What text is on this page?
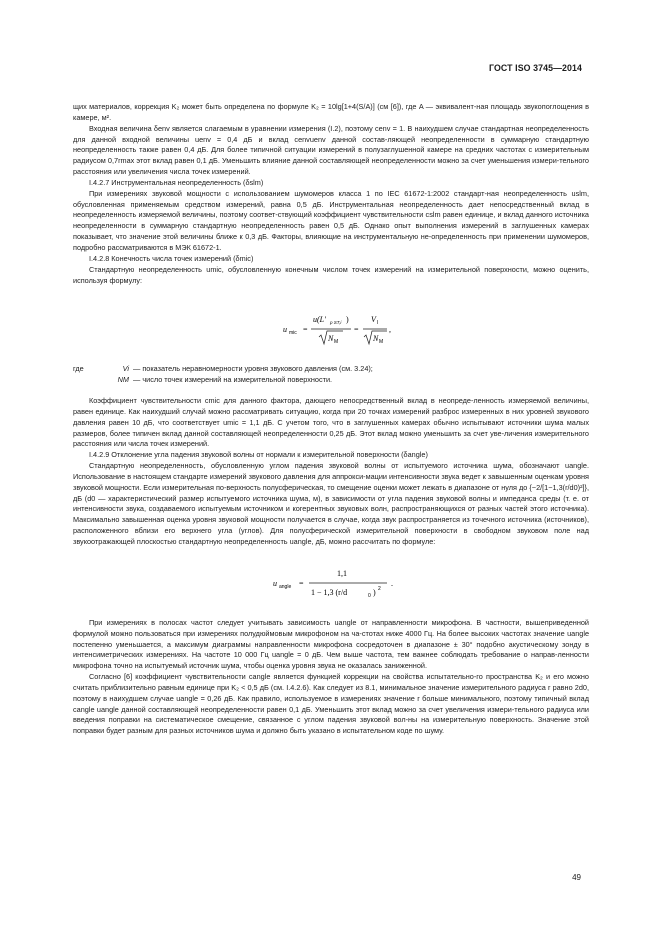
ГОСТ ISO 3745—2014

щих материалов, коррекция K₂ может быть определена по формуле K₂ = 10lg[1+4(S/A)] (см [6]), где A — эквивалент-ная площадь звукопоглощения в камере, м².

Входная величина δenv является слагаемым в уравнении измерения (I.2), поэтому cenv = 1. В наихудшем случае стандартная неопределенность для данной входной величины uenv = 0,4 дБ и вклад cenvuenv данной состав-ляющей неопределенности в суммарную стандартную неопределенность также равен 0,4 дБ. Для более типичной ситуации измерений в полузаглушенной камере на средних частотах с измерительным радиусом 0,7rmax этот вклад равен 0,1 дБ. Уменьшить влияние данной составляющей неопределенности можно за счет уменьшения измери-тельного расстояния или увеличения числа точек измерений.

I.4.2.7 Инструментальная неопределенность (δslm)

При измерениях звуковой мощности с использованием шумомеров класса 1 по IEC 61672-1:2002 стандарт-ная неопределенность uslm, обусловленная применяемым средством измерений, равна 0,5 дБ. Инструментальная неопределенность дает непосредственный вклад в неопределенность измеряемой величины, поэтому соответ-ствующий коэффициент чувствительности cslm равен единице, и вклад данного источника неопределенности в суммарную стандартную неопределенность равен 0,5 дБ. Однако опыт выполнения измерений в заглушенных камерах показывает, что значение этой величины ближе к 0,3 дБ. Факторы, влияющие на инструментальную не-определенность при применении шумомеров, подробно рассматриваются в МЭК 61672-1.

I.4.2.8 Конечность числа точек измерений (δmic)

Стандартную неопределенность umic, обусловленную конечным числом точек измерений на измерительной поверхности, можно оценить, используя формулу:

u mic =
u(L′ p ST,i )
N M
=
V I
N M
,
где	Vi — показатель неравномерности уровня звукового давления (см. 3.24);
NM — число точек измерений на измерительной поверхности.

Коэффициент чувствительности cmic для данного фактора, дающего непосредственный вклад в неопреде-ленность измеряемой величины, равен единице. Как наихудший случай можно рассматривать ситуацию, когда при 20 точках измерений разброс измеренных в них уровней звукового давления равен 10 дБ, что соответствует umic = 1,1 дБ. С учетом того, что в заглушенных камерах обычно испытывают источники шума малых размеров, более типичен вклад данной составляющей неопределенности 0,25 дБ. Этот вклад можно уменьшить за счет уве-личения измерительного расстояния или числа точек измерений.

I.4.2.9 Отклонение угла падения звуковой волны от нормали к измерительной поверхности (δangle)

Стандартную неопределенность, обусловленную углом падения звуковой волны от испытуемого источника шума, обозначают uangle. Использование в настоящем стандарте измерений звукового давления для аппрокси-мации интенсивности звука ведет к завышенным оценкам уровня звуковой мощности. Если измерительная по-верхность полусферическая, то смещение оценки может лежать в диапазоне от нуля до {−2/[1−1,3(r/d0)²]}, дБ (d0 — характеристический размер испытуемого источника шума, м), в зависимости от угла падения звуковой волны и импеданса среды (т. е. от интенсивности звука, создаваемого испытуемым источником и когерентных звуковых волн, распространяющихся от разных частей этого источника). Максимально завышенная оценка уровня звуковой мощности получается в случае, когда звук распространяется из точечного источника (источников), расположенного вблизи его верхнего угла (углов). Для полусферической измерительной поверхности в свободном звуковом поле над звукоотражающей плоскостью стандартную неопределенность uangle, дБ, можно рассчитать по формуле:

u angle =
1,1
1 − 1,3 (r/d	0 ) 2
.

При измерениях в полосах частот следует учитывать зависимость uangle от направленности микрофона. В частности, вышеприведенной формулой можно пользоваться при измерениях полудюймовым микрофоном на ча-стотах ниже 4000 Гц. На более высоких частотах значение uangle постепенно уменьшается, а максимум диаграммы направленности микрофона сосредоточен в диапазоне ± 30° подобно акустическому зонду в интенсиметрических измерениях. На частоте 10 000 Гц uangle = 0 дБ. Чем выше частота, тем важнее соблюдать требование о направ-ленности микрофона точно на испытуемый источник шума, чтобы оценка уровня звука не оказалась заниженной.

Согласно [6] коэффициент чувствительности cangle является функцией коррекции на свойства испытательно-го пространства K₂ и его можно считать приблизительно равным единице при K₂ < 0,5 дБ (см. I.4.2.6). Как следует из 8.1, минимальное значение измерительного радиуса r равно 2d0, поэтому в наихудшем случае uangle = 0,26 дБ. Как правило, используемое в измерениях значение r больше минимального, поэтому типичный вклад cangle uangle данной составляющей неопределенности равен 0,1 дБ. Уменьшить этот вклад можно за счет увеличения измери-тельного радиуса или введения поправки на систематическое смещение, связанное с углом падения звуковой вол-ны на измерительную поверхность. Значение этой поправки будет разным для разных источников шума и должно быть указано в испытательном коде по шуму.

49
